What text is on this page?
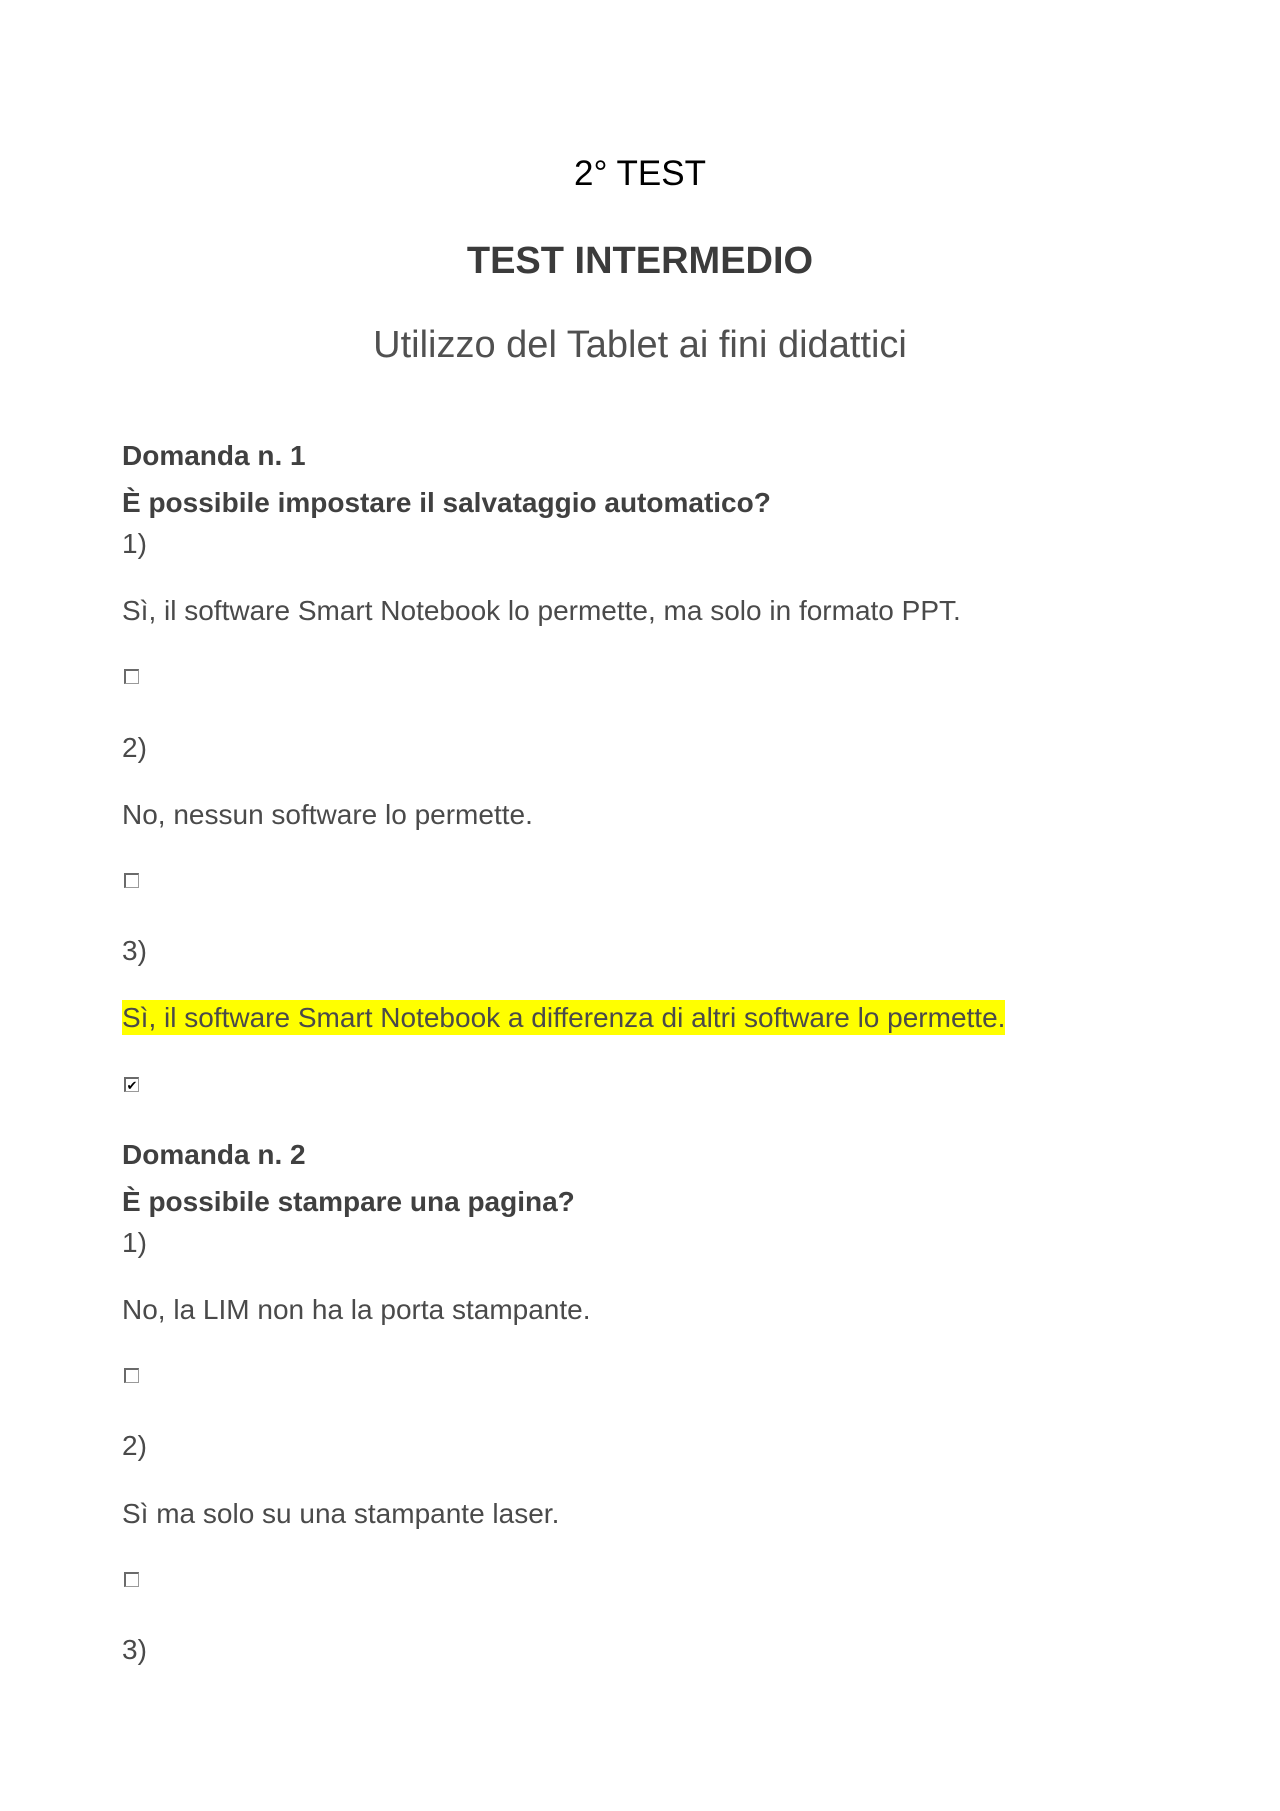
2° TEST
TEST INTERMEDIO
Utilizzo del Tablet ai fini didattici
Domanda n. 1
È possibile impostare il salvataggio automatico?
1)
Sì, il software Smart Notebook lo permette, ma solo in formato PPT.
2)
No, nessun software lo permette.
3)
Sì, il software Smart Notebook a differenza di altri software lo permette.
✔
Domanda n. 2
È possibile stampare una pagina?
1)
No, la LIM non ha la porta stampante.
2)
Sì ma solo su una stampante laser.
3)
